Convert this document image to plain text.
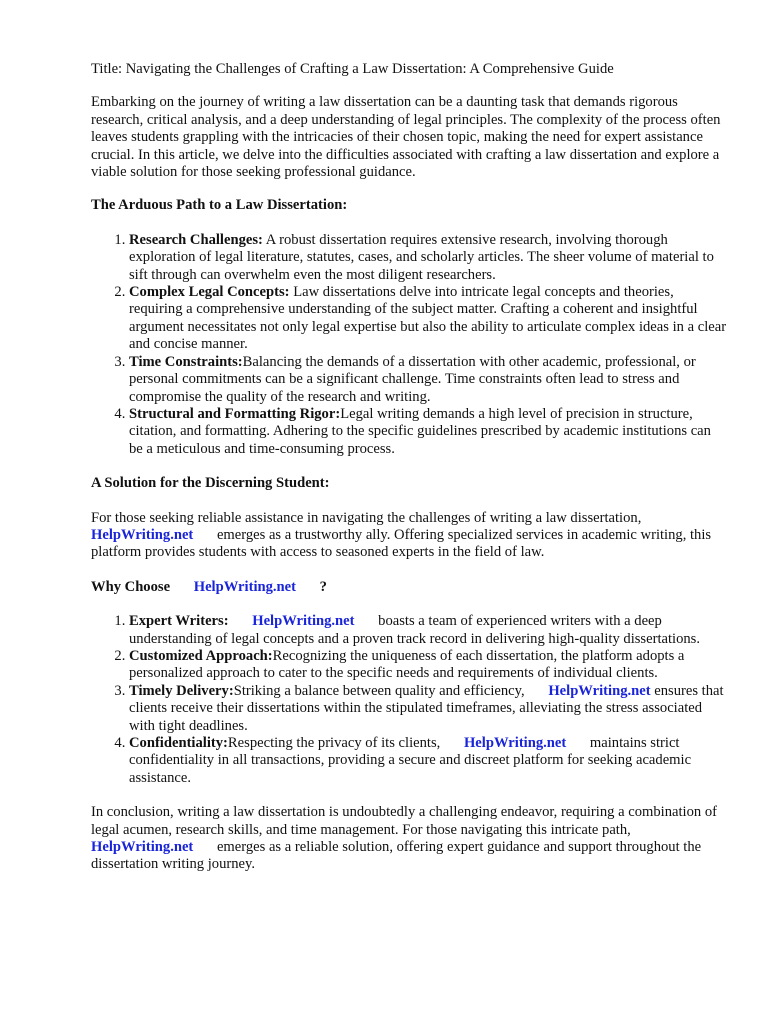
Title: Navigating the Challenges of Crafting a Law Dissertation: A Comprehensive Guide

Embarking on the journey of writing a law dissertation can be a daunting task that demands rigorous research, critical analysis, and a deep understanding of legal principles. The complexity of the process often leaves students grappling with the intricacies of their chosen topic, making the need for expert assistance crucial. In this article, we delve into the difficulties associated with crafting a law dissertation and explore a viable solution for those seeking professional guidance.

The Arduous Path to a Law Dissertation:
1. Research Challenges: A robust dissertation requires extensive research, involving thorough exploration of legal literature, statutes, cases, and scholarly articles. The sheer volume of material to sift through can overwhelm even the most diligent researchers.
2. Complex Legal Concepts: Law dissertations delve into intricate legal concepts and theories, requiring a comprehensive understanding of the subject matter. Crafting a coherent and insightful argument necessitates not only legal expertise but also the ability to articulate complex ideas in a clear and concise manner.
3. Time Constraints:Balancing the demands of a dissertation with other academic, professional, or personal commitments can be a significant challenge. Time constraints often lead to stress and compromise the quality of the research and writing.
4. Structural and Formatting Rigor:Legal writing demands a high level of precision in structure, citation, and formatting. Adhering to the specific guidelines prescribed by academic institutions can be a meticulous and time-consuming process.
A Solution for the Discerning Student:

For those seeking reliable assistance in navigating the challenges of writing a law dissertation,
HelpWriting.net emerges as a trustworthy ally. Offering specialized services in academic writing, this platform provides students with access to seasoned experts in the field of law.

Why Choose HelpWriting.net ?
1. Expert Writers: HelpWriting.net boasts a team of experienced writers with a deep understanding of legal concepts and a proven track record in delivering high-quality dissertations.
2. Customized Approach:Recognizing the uniqueness of each dissertation, the platform adopts a personalized approach to cater to the specific needs and requirements of individual clients.
3. Timely Delivery:Striking a balance between quality and efficiency, HelpWriting.net ensures that clients receive their dissertations within the stipulated timeframes, alleviating the stress associated with tight deadlines.
4. Confidentiality:Respecting the privacy of its clients, HelpWriting.net maintains strict confidentiality in all transactions, providing a secure and discreet platform for seeking academic assistance.

In conclusion, writing a law dissertation is undoubtedly a challenging endeavor, requiring a combination of legal acumen, research skills, and time management. For those navigating this intricate path, HelpWriting.net emerges as a reliable solution, offering expert guidance and support throughout the dissertation writing journey.
